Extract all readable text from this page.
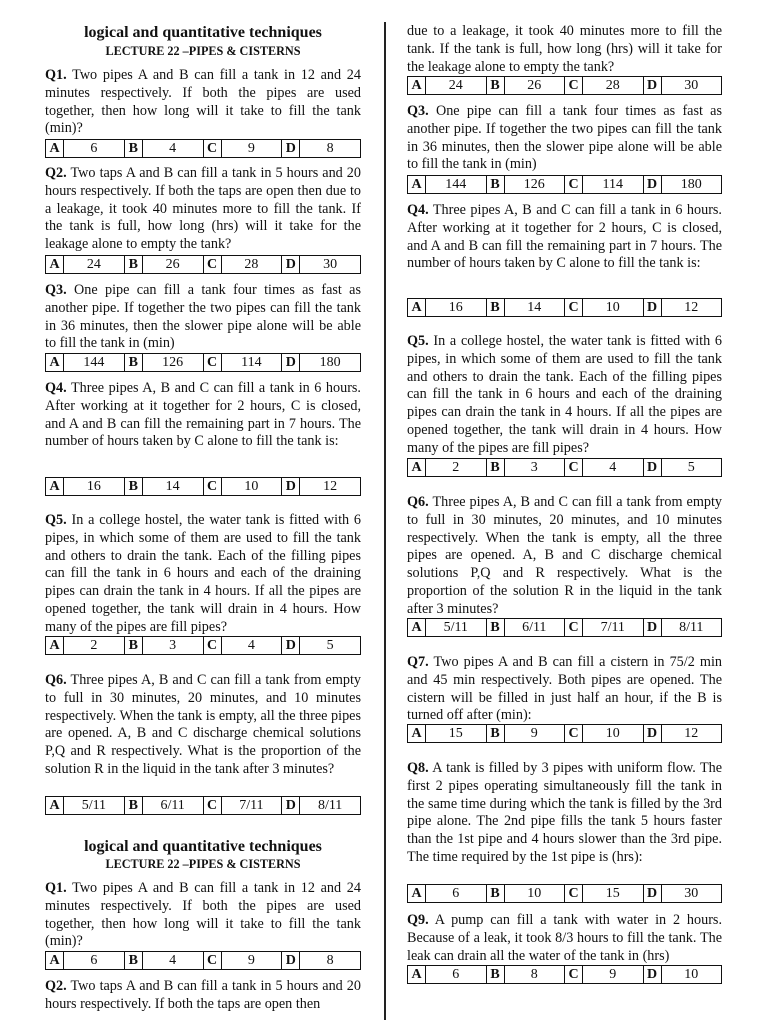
logical and quantitative techniques
LECTURE 22 –PIPES & CISTERNS
Q1. Two pipes A and B can fill a tank in 12 and 24 minutes respectively. If both the pipes are used together, then how long will it take to fill the tank (min)?
A	6	B	4	C	9	D	8
Q2. Two taps A and B can fill a tank in 5 hours and 20 hours respectively. If both the taps are open then due to a leakage, it took 40 minutes more to fill the tank. If the tank is full, how long (hrs) will it take for the leakage alone to empty the tank?
A	24	B	26	C	28	D	30
Q3. One pipe can fill a tank four times as fast as another pipe. If together the two pipes can fill the tank in 36 minutes, then the slower pipe alone will be able to fill the tank in (min)
A	144	B	126	C	114	D	180
Q4. Three pipes A, B and C can fill a tank in 6 hours. After working at it together for 2 hours, C is closed, and A and B can fill the remaining part in 7 hours. The number of hours taken by C alone to fill the tank is:
A	16	B	14	C	10	D	12
Q5. In a college hostel, the water tank is fitted with 6 pipes, in which some of them are used to fill the tank and others to drain the tank. Each of the filling pipes can fill the tank in 6 hours and each of the draining pipes can drain the tank in 4 hours. If all the pipes are opened together, the tank will drain in 4 hours. How many of the pipes are fill pipes?
A	2	B	3	C	4	D	5
Q6. Three pipes A, B and C can fill a tank from empty to full in 30 minutes, 20 minutes, and 10 minutes respectively. When the tank is empty, all the three pipes are opened. A, B and C discharge chemical solutions P,Q and R respectively. What is the proportion of the solution R in the liquid in the tank after 3 minutes?
A	5/11	B	6/11	C	7/11	D	8/11
logical and quantitative techniques
LECTURE 22 –PIPES & CISTERNS
Q1. Two pipes A and B can fill a tank in 12 and 24 minutes respectively. If both the pipes are used together, then how long will it take to fill the tank (min)?
A	6	B	4	C	9	D	8
Q2. Two taps A and B can fill a tank in 5 hours and 20 hours respectively. If both the taps are open then
due to a leakage, it took 40 minutes more to fill the tank. If the tank is full, how long (hrs) will it take for the leakage alone to empty the tank?
A	24	B	26	C	28	D	30
Q3. One pipe can fill a tank four times as fast as another pipe. If together the two pipes can fill the tank in 36 minutes, then the slower pipe alone will be able to fill the tank in (min)
A	144	B	126	C	114	D	180
Q4. Three pipes A, B and C can fill a tank in 6 hours. After working at it together for 2 hours, C is closed, and A and B can fill the remaining part in 7 hours. The number of hours taken by C alone to fill the tank is:
A	16	B	14	C	10	D	12
Q5. In a college hostel, the water tank is fitted with 6 pipes, in which some of them are used to fill the tank and others to drain the tank. Each of the filling pipes can fill the tank in 6 hours and each of the draining pipes can drain the tank in 4 hours. If all the pipes are opened together, the tank will drain in 4 hours. How many of the pipes are fill pipes?
A	2	B	3	C	4	D	5
Q6. Three pipes A, B and C can fill a tank from empty to full in 30 minutes, 20 minutes, and 10 minutes respectively. When the tank is empty, all the three pipes are opened. A, B and C discharge chemical solutions P,Q and R respectively. What is the proportion of the solution R in the liquid in the tank after 3 minutes?
A	5/11	B	6/11	C	7/11	D	8/11
Q7. Two pipes A and B can fill a cistern in 75/2 min and 45 min respectively. Both pipes are opened. The cistern will be filled in just half an hour, if the B is turned off after (min):
A	15	B	9	C	10	D	12
Q8. A tank is filled by 3 pipes with uniform flow. The first 2 pipes operating simultaneously fill the tank in the same time during which the tank is filled by the 3rd pipe alone. The 2nd pipe fills the tank 5 hours faster than the 1st pipe and 4 hours slower than the 3rd pipe. The time required by the 1st pipe is (hrs):
A	6	B	10	C	15	D	30
Q9. A pump can fill a tank with water in 2 hours. Because of a leak, it took 8/3 hours to fill the tank. The leak can drain all the water of the tank in (hrs)
A	6	B	8	C	9	D	10
